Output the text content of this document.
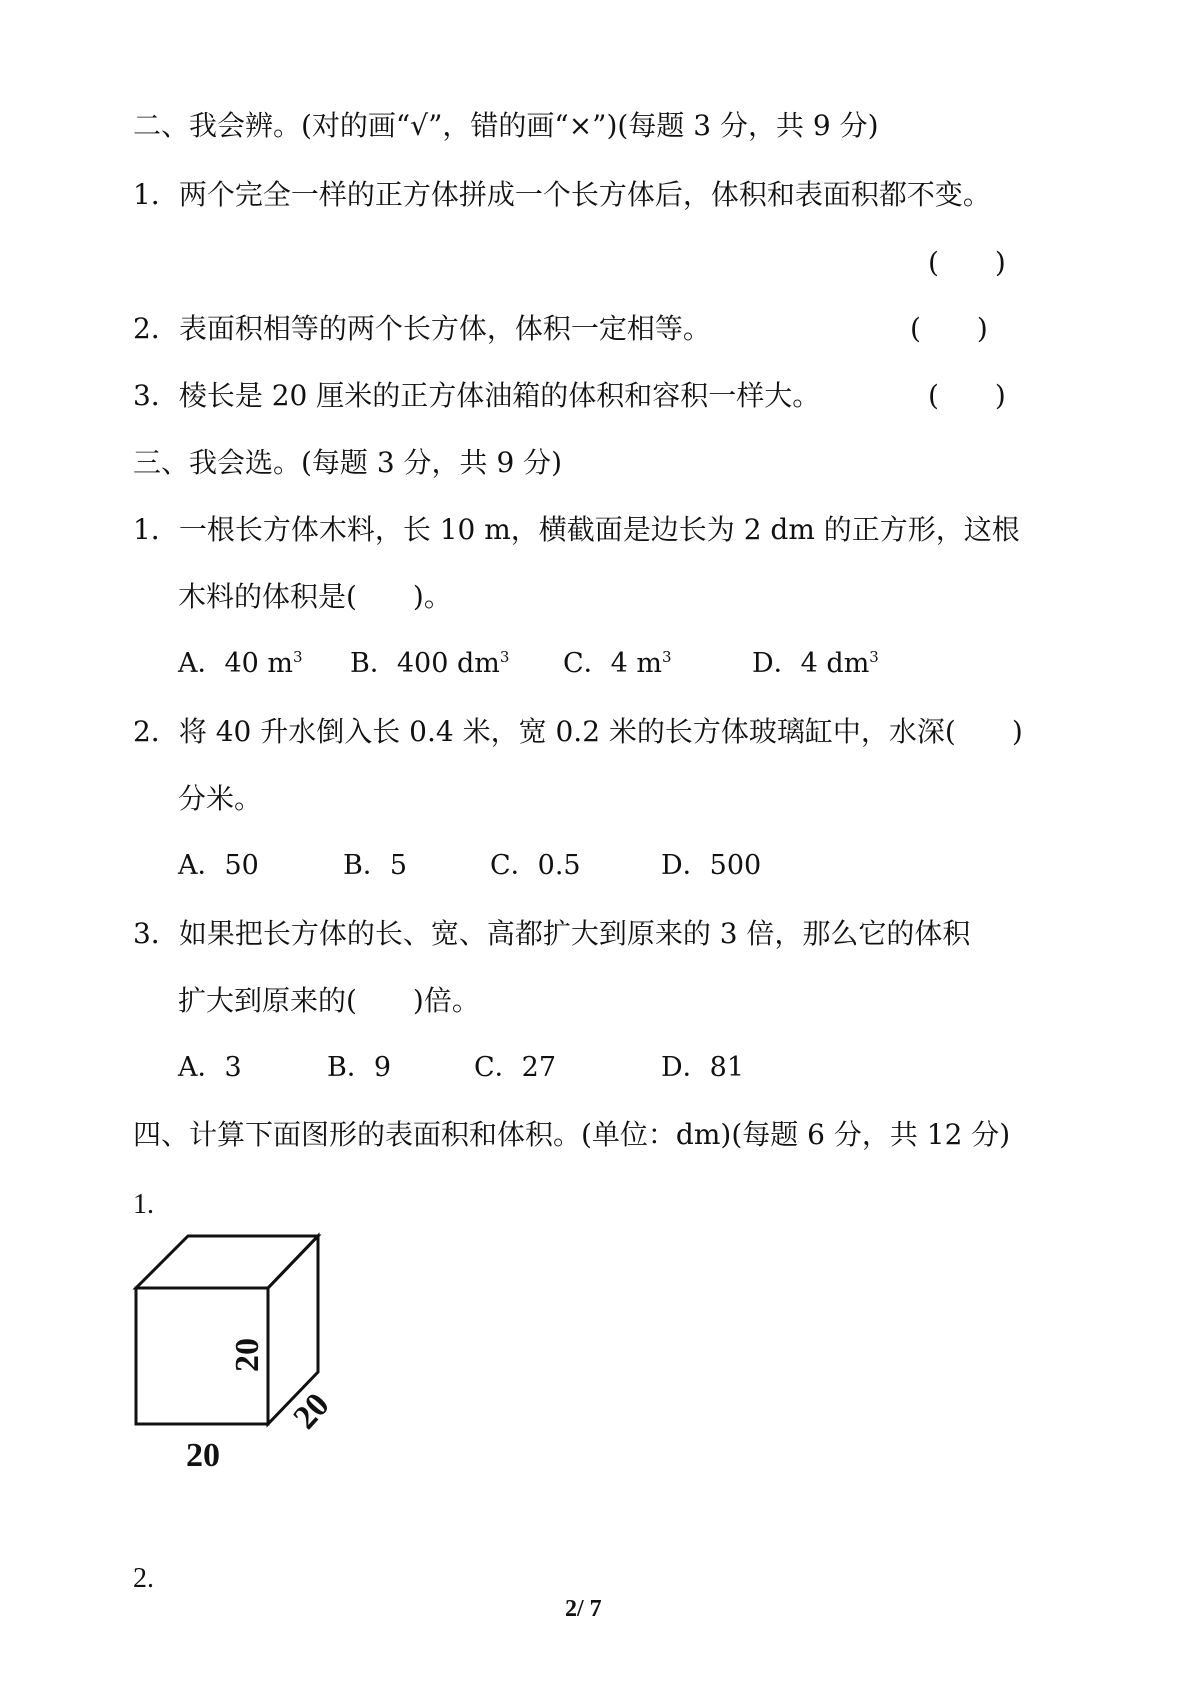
二、我会辨。(对的画“√”，错的画“×”)(每题 3 分，共 9 分)
1．两个完全一样的正方体拼成一个长方体后，体积和表面积都不变。
(　　)
2．表面积相等的两个长方体，体积一定相等。	(　　)
3．棱长是 20 厘米的正方体油箱的体积和容积一样大。	(　　)
三、我会选。(每题 3 分，共 9 分)
1．一根长方体木料，长 10 m，横截面是边长为 2 dm 的正方形，这根
木料的体积是(　　)。
A．40 $m^3$ B．400 $dm^3$ C．4 $m^3$	D．4 $dm^3$
2．将 40 升水倒入长 0.4 米，宽 0.2 米的长方体玻璃缸中，水深(　　)
分米。
A．50	B．5	C．0.5	D．500
3．如果把长方体的长、宽、高都扩大到原来的 3 倍，那么它的体积
扩大到原来的(　　)倍。
A．3	B．9	C．27	D．81
四、计算下面图形的表面积和体积。(单位：dm)(每题 6 分，共 12 分)
1.
20
20
20
2.
2/ 7
